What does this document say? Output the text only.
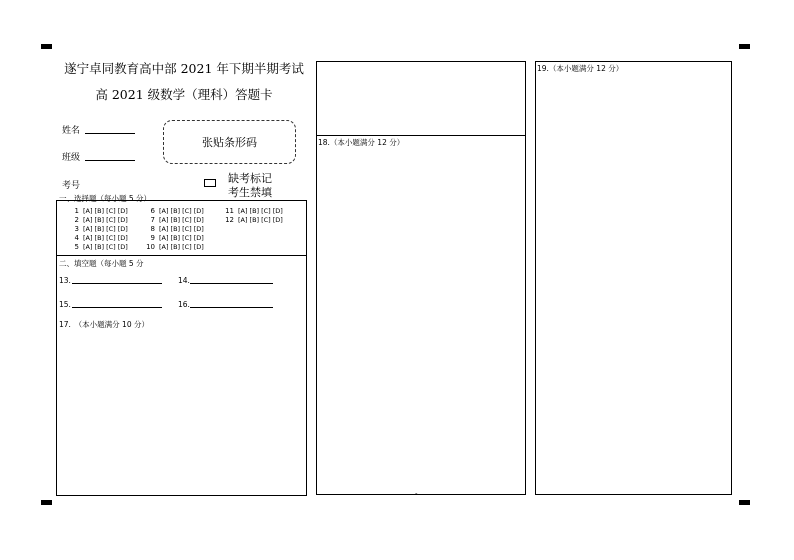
遂宁卓同教育高中部 2021 年下期半期考试
高 2021 级数学（理科）答题卡
姓名
班级
考号
张贴条形码
缺考标记
考生禁填
一、选择题（每小题 5 分）
1 [A] [B] [C] [D]
2 [A] [B] [C] [D]
3 [A] [B] [C] [D]
4 [A] [B] [C] [D]
5 [A] [B] [C] [D]
6 [A] [B] [C] [D]
7 [A] [B] [C] [D]
8 [A] [B] [C] [D]
9 [A] [B] [C] [D]
10 [A] [B] [C] [D]
11 [A] [B] [C] [D]
12 [A] [B] [C] [D]
二、填空题（每小题 5 分
13.	14.
15.	16.
17.　（本小题满分 10 分）
18.（本小题满分 12 分）
19.（本小题满分 12 分）
-
